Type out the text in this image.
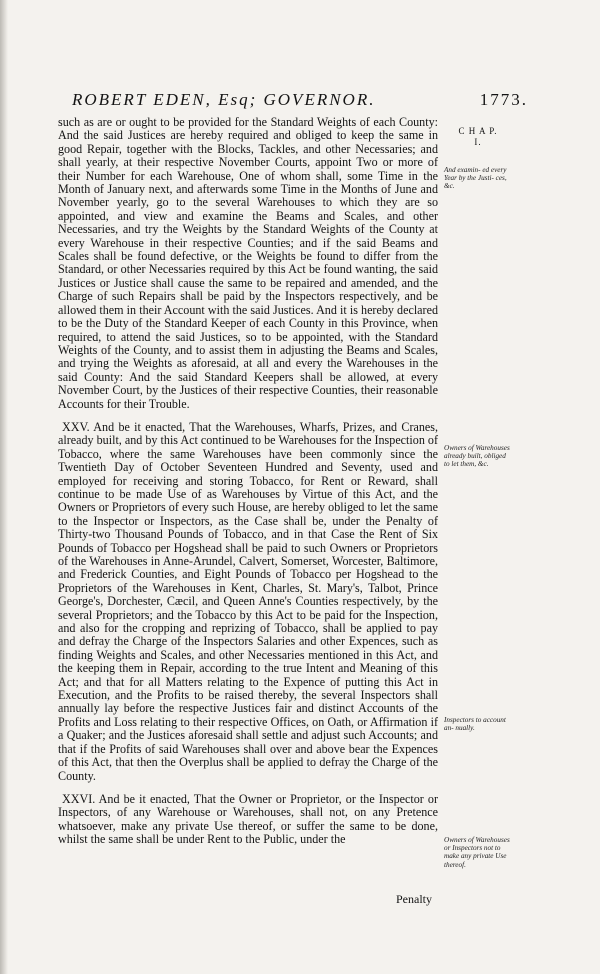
ROBERT EDEN, Esq; GOVERNOR.	1773.
C H A P.
I.

such as are or ought to be provided for the Standard Weights of each County: And the said Justices are hereby required and obliged to keep the same in good Repair, together with the Blocks, Tackles, and other Necessaries; and shall yearly, at their respective November Courts, appoint Two or more of their Number for each Warehouse, One of whom shall, some Time in the Month of January next, and afterwards some Time in the Months of June and November yearly, go to the several Warehouses to which they are so appointed, and view and examine the Beams and Scales, and other Necessaries, and try the Weights by the Standard Weights of the County at every Warehouse in their respective Counties; and if the said Beams and Scales shall be found defective, or the Weights be found to differ from the Standard, or other Necessaries required by this Act be found wanting, the said Justices or Justice shall cause the same to be repaired and amended, and the Charge of such Repairs shall be paid by the Inspectors respectively, and be allowed them in their Account with the said Justices. And it is hereby declared to be the Duty of the Standard Keeper of each County in this Province, when required, to attend the said Justices, so to be appointed, with the Standard Weights of the County, and to assist them in adjusting the Beams and Scales, and trying the Weights as aforesaid, at all and every the Warehouses in the said County: And the said Standard Keepers shall be allowed, at every November Court, by the Justices of their respective Counties, their reasonable Accounts for their Trouble.

XXV. And be it enacted, That the Warehouses, Wharfs, Prizes, and Cranes, already built, and by this Act continued to be Warehouses for the Inspection of Tobacco, where the same Warehouses have been commonly since the Twentieth Day of October Seventeen Hundred and Seventy, used and employed for receiving and storing Tobacco, for Rent or Reward, shall continue to be made Use of as Warehouses by Virtue of this Act, and the Owners or Proprietors of every such House, are hereby obliged to let the same to the Inspector or Inspectors, as the Case shall be, under the Penalty of Thirty-two Thousand Pounds of Tobacco, and in that Case the Rent of Six Pounds of Tobacco per Hogshead shall be paid to such Owners or Proprietors of the Warehouses in Anne-Arundel, Calvert, Somerset, Worcester, Baltimore, and Frederick Counties, and Eight Pounds of Tobacco per Hogshead to the Proprietors of the Warehouses in Kent, Charles, St. Mary's, Talbot, Prince George's, Dorchester, Cæcil, and Queen Anne's Counties respectively, by the several Proprietors; and the Tobacco by this Act to be paid for the Inspection, and also for the cropping and reprizing of Tobacco, shall be applied to pay and defray the Charge of the Inspectors Salaries and other Expences, such as finding Weights and Scales, and other Necessaries mentioned in this Act, and the keeping them in Repair, according to the true Intent and Meaning of this Act; and that for all Matters relating to the Expence of putting this Act in Execution, and the Profits to be raised thereby, the several Inspectors shall annually lay before the respective Justices fair and distinct Accounts of the Profits and Loss relating to their respective Offices, on Oath, or Affirmation if a Quaker; and the Justices aforesaid shall settle and adjust such Accounts; and that if the Profits of said Warehouses shall over and above bear the Expences of this Act, that then the Overplus shall be applied to defray the Charge of the County.

XXVI. And be it enacted, That the Owner or Proprietor, or the Inspector or Inspectors, of any Warehouse or Warehouses, shall not, on any Pretence whatsoever, make any private Use thereof, or suffer the same to be done, whilst the same shall be under Rent to the Public, under the

And examin- ed every Year by the Justi- ces, &c.
Owners of Warehouses already built, obliged to let them, &c.
Inspectors to account an- nually.
Owners of Warehouses or Inspectors not to make any private Use thereof.
Penalty
